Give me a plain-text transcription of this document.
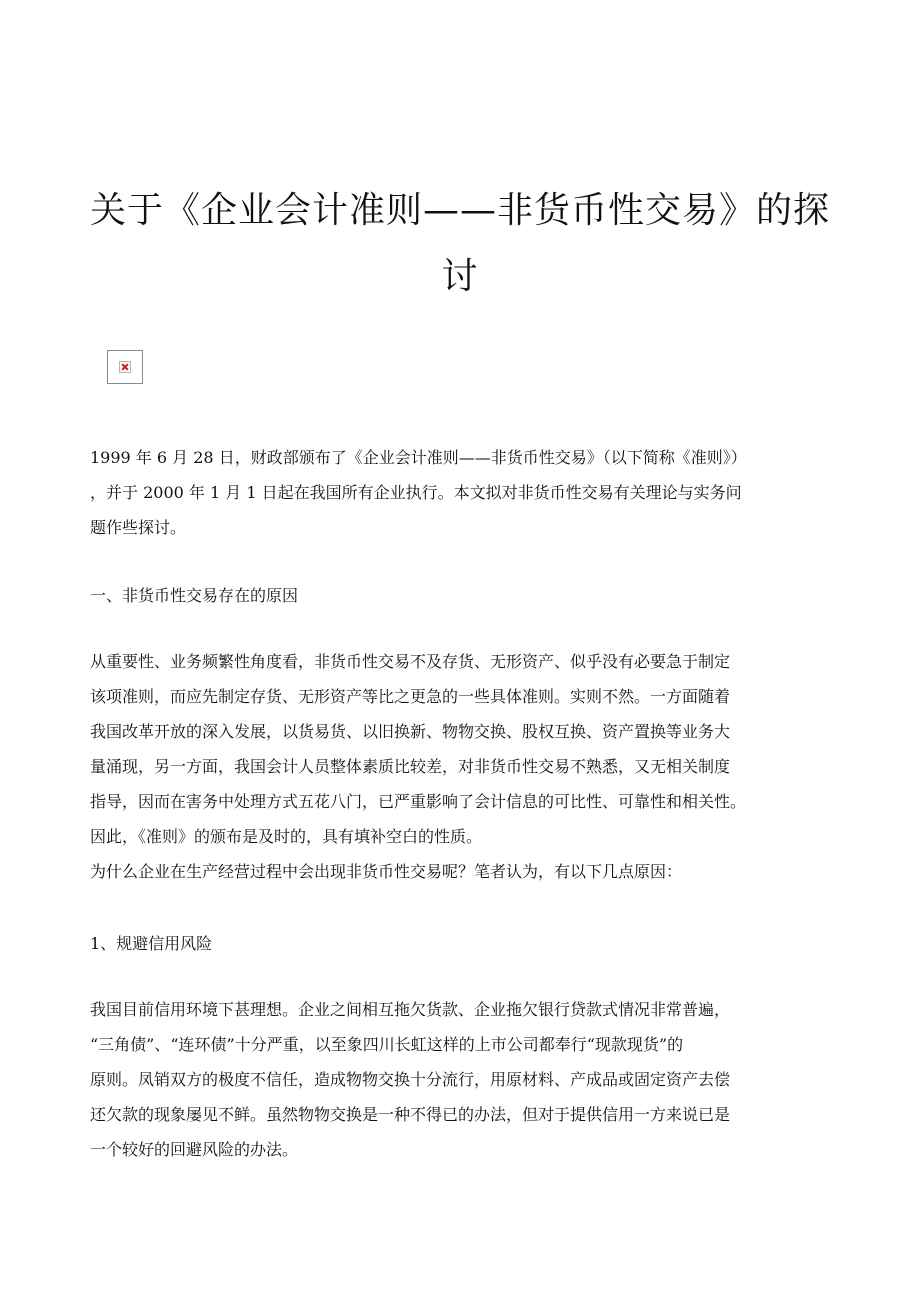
关于《企业会计准则——非货币性交易》的探
讨

1999 年 6 月 28 日，财政部颁布了《企业会计准则——非货币性交易》（以下简称《准则》）
，并于 2000 年 1 月 1 日起在我国所有企业执行。本文拟对非货币性交易有关理论与实务问
题作些探讨。

一、非货币性交易存在的原因

从重要性、业务频繁性角度看，非货币性交易不及存货、无形资产、似乎没有必要急于制定
该项准则，而应先制定存货、无形资产等比之更急的一些具体准则。实则不然。一方面随着
我国改革开放的深入发展，以货易货、以旧换新、物物交换、股权互换、资产置换等业务大
量涌现，另一方面，我国会计人员整体素质比较差，对非货币性交易不熟悉，又无相关制度
指导，因而在害务中处理方式五花八门，已严重影响了会计信息的可比性、可靠性和相关性。
因此，《准则》的颁布是及时的，具有填补空白的性质。
为什么企业在生产经营过程中会出现非货币性交易呢？笔者认为，有以下几点原因：

1、规避信用风险

我国目前信用环境下甚理想。企业之间相互拖欠货款、企业拖欠银行贷款式情况非常普遍，
“三角债”、“连环债”十分严重，以至象四川长虹这样的上市公司都奉行“现款现货”的
原则。凤销双方的极度不信任，造成物物交换十分流行，用原材料、产成品或固定资产去偿
还欠款的现象屡见不鲜。虽然物物交换是一种不得已的办法，但对于提供信用一方来说已是
一个较好的回避风险的办法。
